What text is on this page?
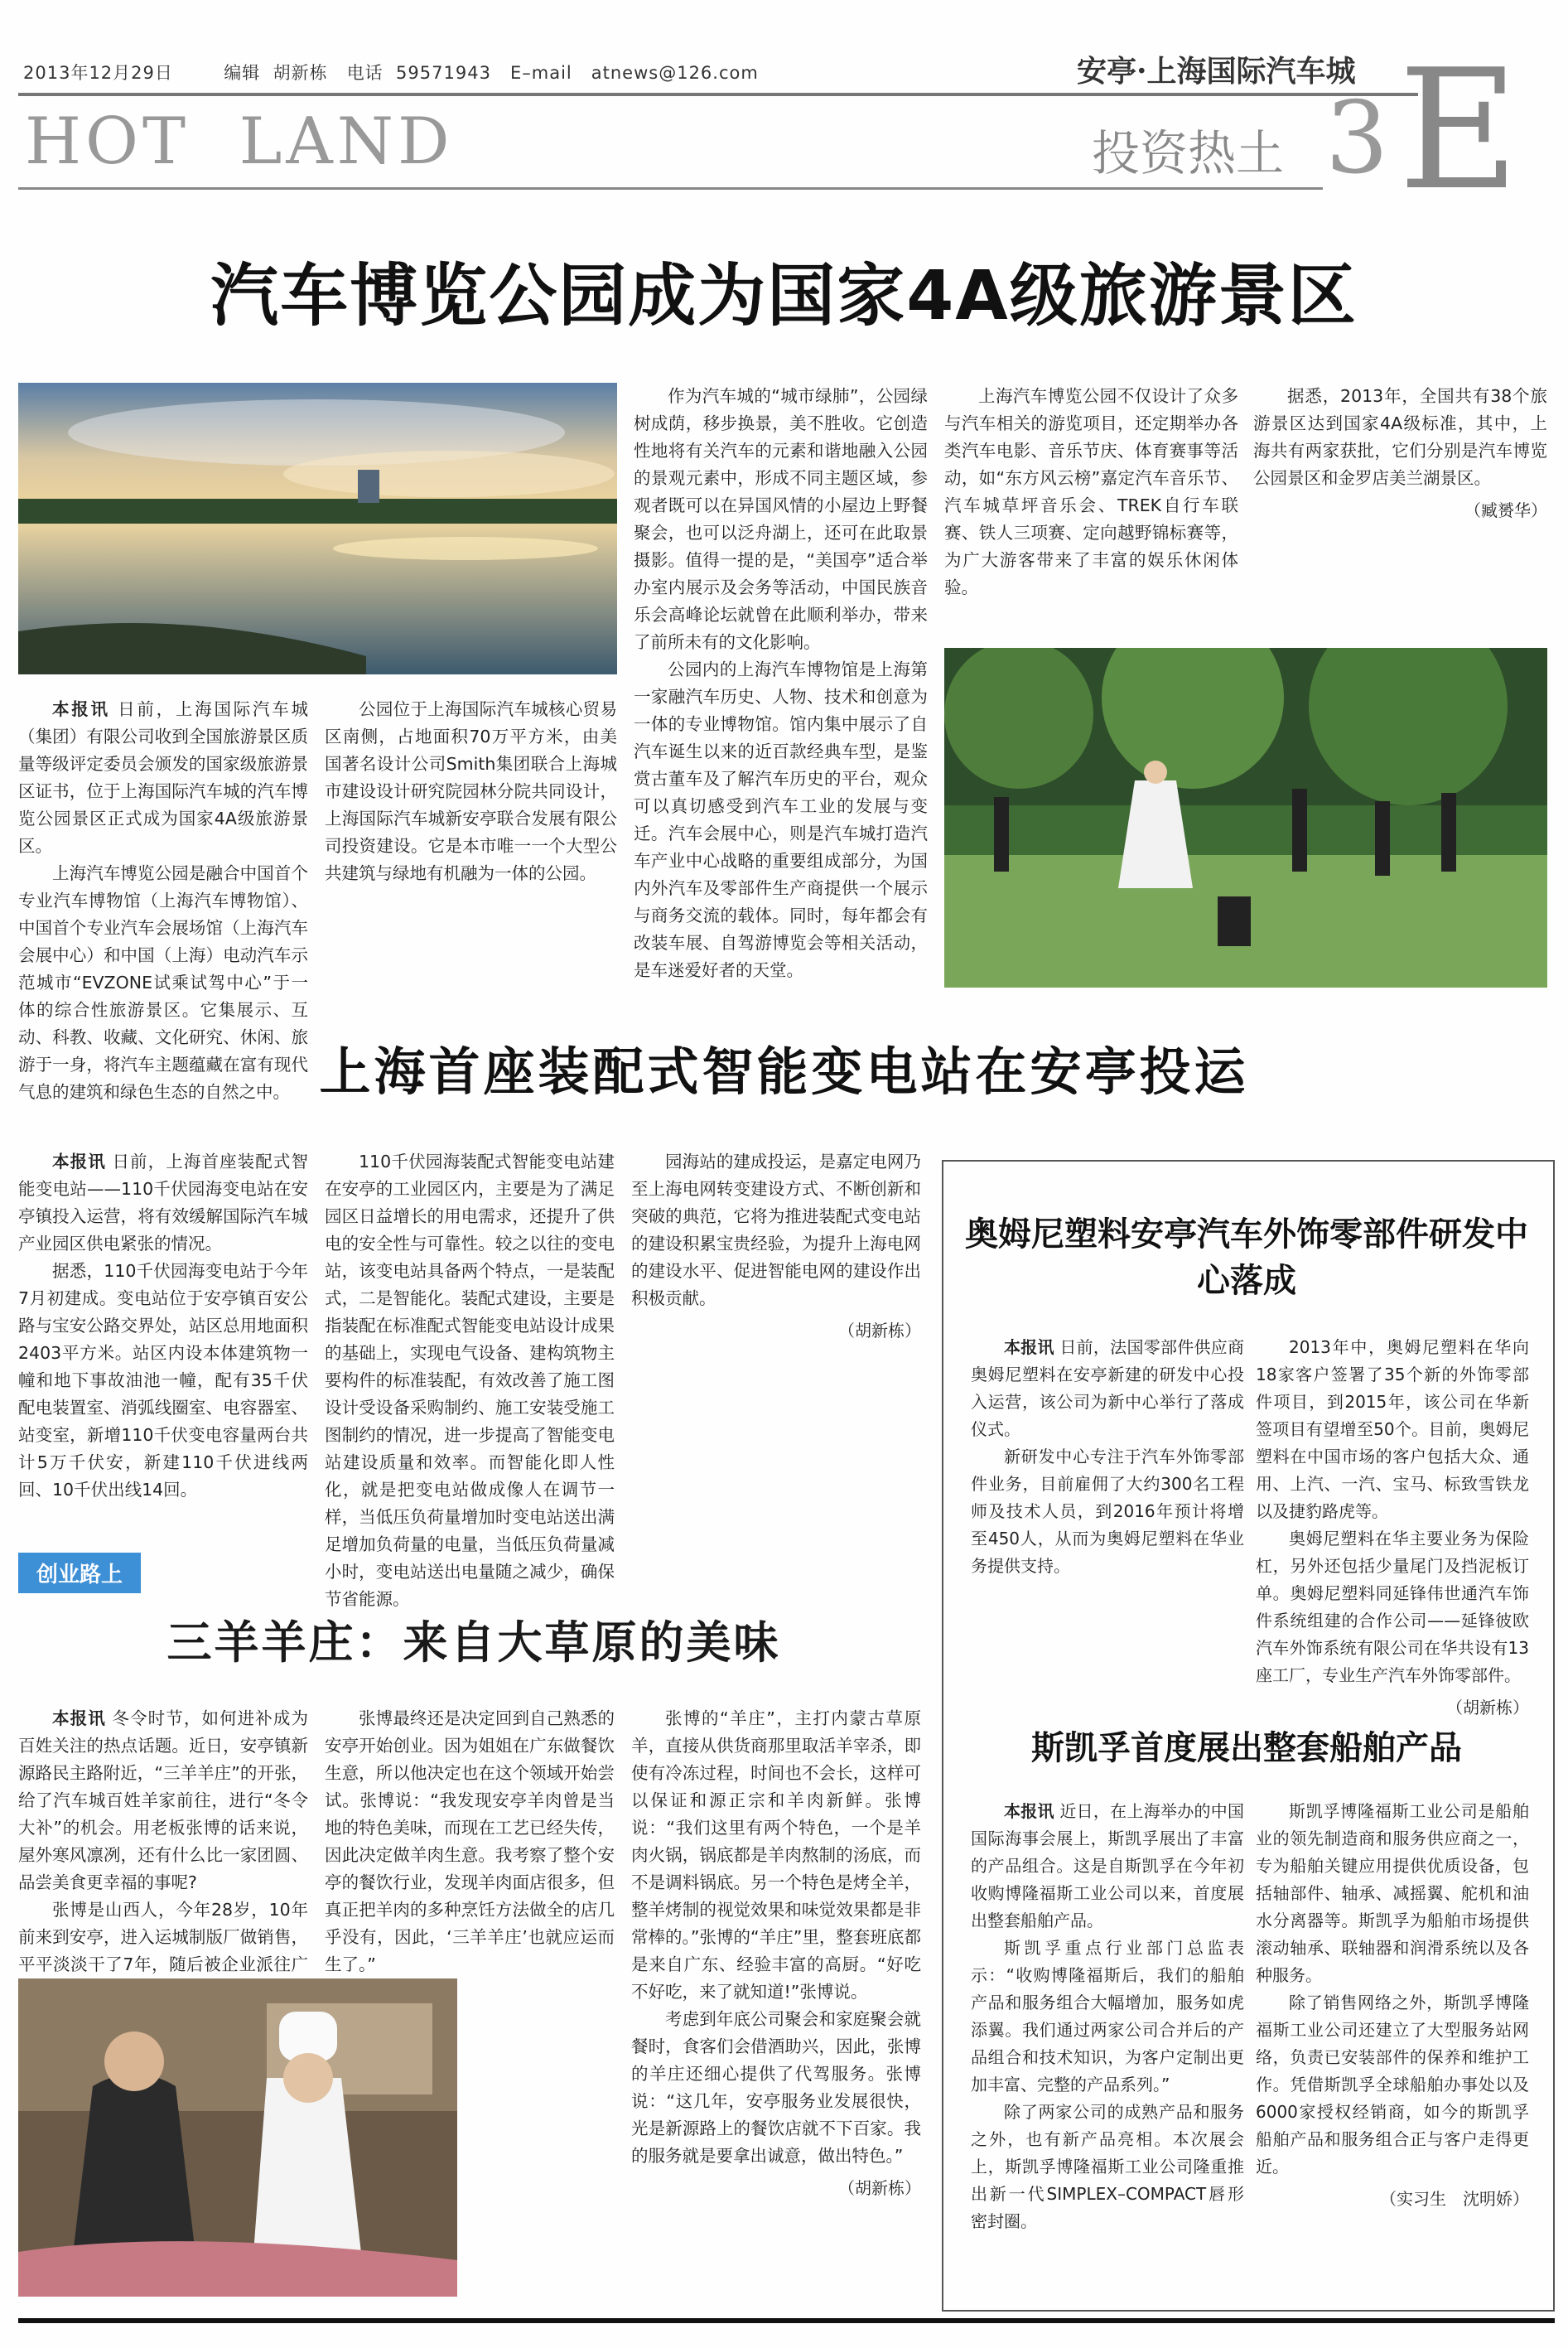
2013年12月29日	编辑 胡新栋 电话 59571943 E–mail atnews@126.com	安亭·上海国际汽车城
HOT  LAND	投资热土 3 E
汽车博览公园成为国家4A级旅游景区

本报讯 日前，上海国际汽车城（集团）有限公司收到全国旅游景区质量等级评定委员会颁发的国家级旅游景区证书，位于上海国际汽车城的汽车博览公园景区正式成为国家4A级旅游景区。

上海汽车博览公园是融合中国首个专业汽车博物馆（上海汽车博物馆）、中国首个专业汽车会展场馆（上海汽车会展中心）和中国（上海）电动汽车示范城市“EVZONE试乘试驾中心”于一体的综合性旅游景区。它集展示、互动、科教、收藏、文化研究、休闲、旅游于一身，将汽车主题蕴藏在富有现代气息的建筑和绿色生态的自然之中。

公园位于上海国际汽车城核心贸易区南侧，占地面积70万平方米，由美国著名设计公司Smith集团联合上海城市建设设计研究院园林分院共同设计，上海国际汽车城新安亭联合发展有限公司投资建设。它是本市唯一一个大型公共建筑与绿地有机融为一体的公园。

作为汽车城的“城市绿肺”，公园绿树成荫，移步换景，美不胜收。它创造性地将有关汽车的元素和谐地融入公园的景观元素中，形成不同主题区域，参观者既可以在异国风情的小屋边上野餐聚会，也可以泛舟湖上，还可在此取景摄影。值得一提的是，“美国亭”适合举办室内展示及会务等活动，中国民族音乐会高峰论坛就曾在此顺利举办，带来了前所未有的文化影响。

公园内的上海汽车博物馆是上海第一家融汽车历史、人物、技术和创意为一体的专业博物馆。馆内集中展示了自汽车诞生以来的近百款经典车型，是鉴赏古董车及了解汽车历史的平台，观众可以真切感受到汽车工业的发展与变迁。汽车会展中心，则是汽车城打造汽车产业中心战略的重要组成部分，为国内外汽车及零部件生产商提供一个展示与商务交流的载体。同时，每年都会有改装车展、自驾游博览会等相关活动，是车迷爱好者的天堂。

上海汽车博览公园不仅设计了众多与汽车相关的游览项目，还定期举办各类汽车电影、音乐节庆、体育赛事等活动，如“东方风云榜”嘉定汽车音乐节、汽车城草坪音乐会、TREK自行车联赛、铁人三项赛、定向越野锦标赛等，为广大游客带来了丰富的娱乐休闲体验。

据悉，2013年，全国共有38个旅游景区达到国家4A级标准，其中，上海共有两家获批，它们分别是汽车博览公园景区和金罗店美兰湖景区。

（臧赟华）
上海首座装配式智能变电站在安亭投运

本报讯 日前，上海首座装配式智能变电站——110千伏园海变电站在安亭镇投入运营，将有效缓解国际汽车城产业园区供电紧张的情况。

据悉，110千伏园海变电站于今年7月初建成。变电站位于安亭镇百安公路与宝安公路交界处，站区总用地面积2403平方米。站区内设本体建筑物一幢和地下事故油池一幢，配有35千伏配电装置室、消弧线圈室、电容器室、站变室，新增110千伏变电容量两台共计5万千伏安，新建110千伏进线两回、10千伏出线14回。

110千伏园海装配式智能变电站建在安亭的工业园区内，主要是为了满足园区日益增长的用电需求，还提升了供电的安全性与可靠性。较之以往的变电站，该变电站具备两个特点，一是装配式，二是智能化。装配式建设，主要是指装配在标准配式智能变电站设计成果的基础上，实现电气设备、建构筑物主要构件的标准装配，有效改善了施工图设计受设备采购制约、施工安装受施工图制约的情况，进一步提高了智能变电站建设质量和效率。而智能化即人性化，就是把变电站做成像人在调节一样，当低压负荷量增加时变电站送出满足增加负荷量的电量，当低压负荷量减小时，变电站送出电量随之减少，确保节省能源。

园海站的建成投运，是嘉定电网乃至上海电网转变建设方式、不断创新和突破的典范，它将为推进装配式变电站的建设积累宝贵经验，为提升上海电网的建设水平、促进智能电网的建设作出积极贡献。

（胡新栋）
奥姆尼塑料安亭汽车外饰零部件研发中心落成

本报讯 日前，法国零部件供应商奥姆尼塑料在安亭新建的研发中心投入运营，该公司为新中心举行了落成仪式。

新研发中心专注于汽车外饰零部件业务，目前雇佣了大约300名工程师及技术人员，到2016年预计将增至450人，从而为奥姆尼塑料在华业务提供支持。

2013年中，奥姆尼塑料在华向18家客户签署了35个新的外饰零部件项目，到2015年，该公司在华新签项目有望增至50个。目前，奥姆尼塑料在中国市场的客户包括大众、通用、上汽、一汽、宝马、标致雪铁龙以及捷豹路虎等。

奥姆尼塑料在华主要业务为保险杠，另外还包括少量尾门及挡泥板订单。奥姆尼塑料同延锋伟世通汽车饰件系统组建的合作公司——延锋彼欧汽车外饰系统有限公司在华共设有13座工厂，专业生产汽车外饰零部件。

（胡新栋）
斯凯孚首度展出整套船舶产品

本报讯 近日，在上海举办的中国国际海事会展上，斯凯孚展出了丰富的产品组合。这是自斯凯孚在今年初收购博隆福斯工业公司以来，首度展出整套船舶产品。

斯凯孚重点行业部门总监表示：“收购博隆福斯后，我们的船舶产品和服务组合大幅增加，服务如虎添翼。我们通过两家公司合并后的产品组合和技术知识，为客户定制出更加丰富、完整的产品系列。”

除了两家公司的成熟产品和服务之外，也有新产品亮相。本次展会上，斯凯孚博隆福斯工业公司隆重推出新一代SIMPLEX–COMPACT唇形密封圈。

斯凯孚博隆福斯工业公司是船舶业的领先制造商和服务供应商之一，专为船舶关键应用提供优质设备，包括轴部件、轴承、减摇翼、舵机和油水分离器等。斯凯孚为船舶市场提供滚动轴承、联轴器和润滑系统以及各种服务。

除了销售网络之外，斯凯孚博隆福斯工业公司还建立了大型服务站网络，负责已安装部件的保养和维护工作。凭借斯凯孚全球船舶办事处以及6000家授权经销商，如今的斯凯孚船舶产品和服务组合正与客户走得更近。

（实习生　沈明娇）
创业路上
三羊羊庄：来自大草原的美味

本报讯 冬令时节，如何进补成为百姓关注的热点话题。近日，安亭镇新源路民主路附近，“三羊羊庄”的开张，给了汽车城百姓羊家前往，进行“冬令大补”的机会。用老板张博的话来说，屋外寒风凛冽，还有什么比一家团圆、品尝美食更幸福的事呢?

张博是山西人，今年28岁，10年前来到安亭，进入运城制版厂做销售，平平淡淡干了7年，随后被企业派往广

张博最终还是决定回到自己熟悉的安亭开始创业。因为姐姐在广东做餐饮生意，所以他决定也在这个领域开始尝试。张博说：“我发现安亭羊肉曾是当地的特色美味，而现在工艺已经失传，因此决定做羊肉生意。我考察了整个安亭的餐饮行业，发现羊肉面店很多，但真正把羊肉的多种烹饪方法做全的店几乎没有，因此，‘三羊羊庄’也就应运而生了。”

张博的“羊庄”，主打内蒙古草原羊，直接从供货商那里取活羊宰杀，即使有冷冻过程，时间也不会长，这样可以保证和源正宗和羊肉新鲜。张博说：“我们这里有两个特色，一个是羊肉火锅，锅底都是羊肉熬制的汤底，而不是调料锅底。另一个特色是烤全羊，整羊烤制的视觉效果和味觉效果都是非常棒的。”张博的“羊庄”里，整套班底都是来自广东、经验丰富的高厨。“好吃不好吃，来了就知道!”张博说。

考虑到年底公司聚会和家庭聚会就餐时，食客们会借酒助兴，因此，张博的羊庄还细心提供了代驾服务。张博说：“这几年，安亭服务业发展很快，光是新源路上的餐饮店就不下百家。我的服务就是要拿出诚意，做出特色。”

（胡新栋）
